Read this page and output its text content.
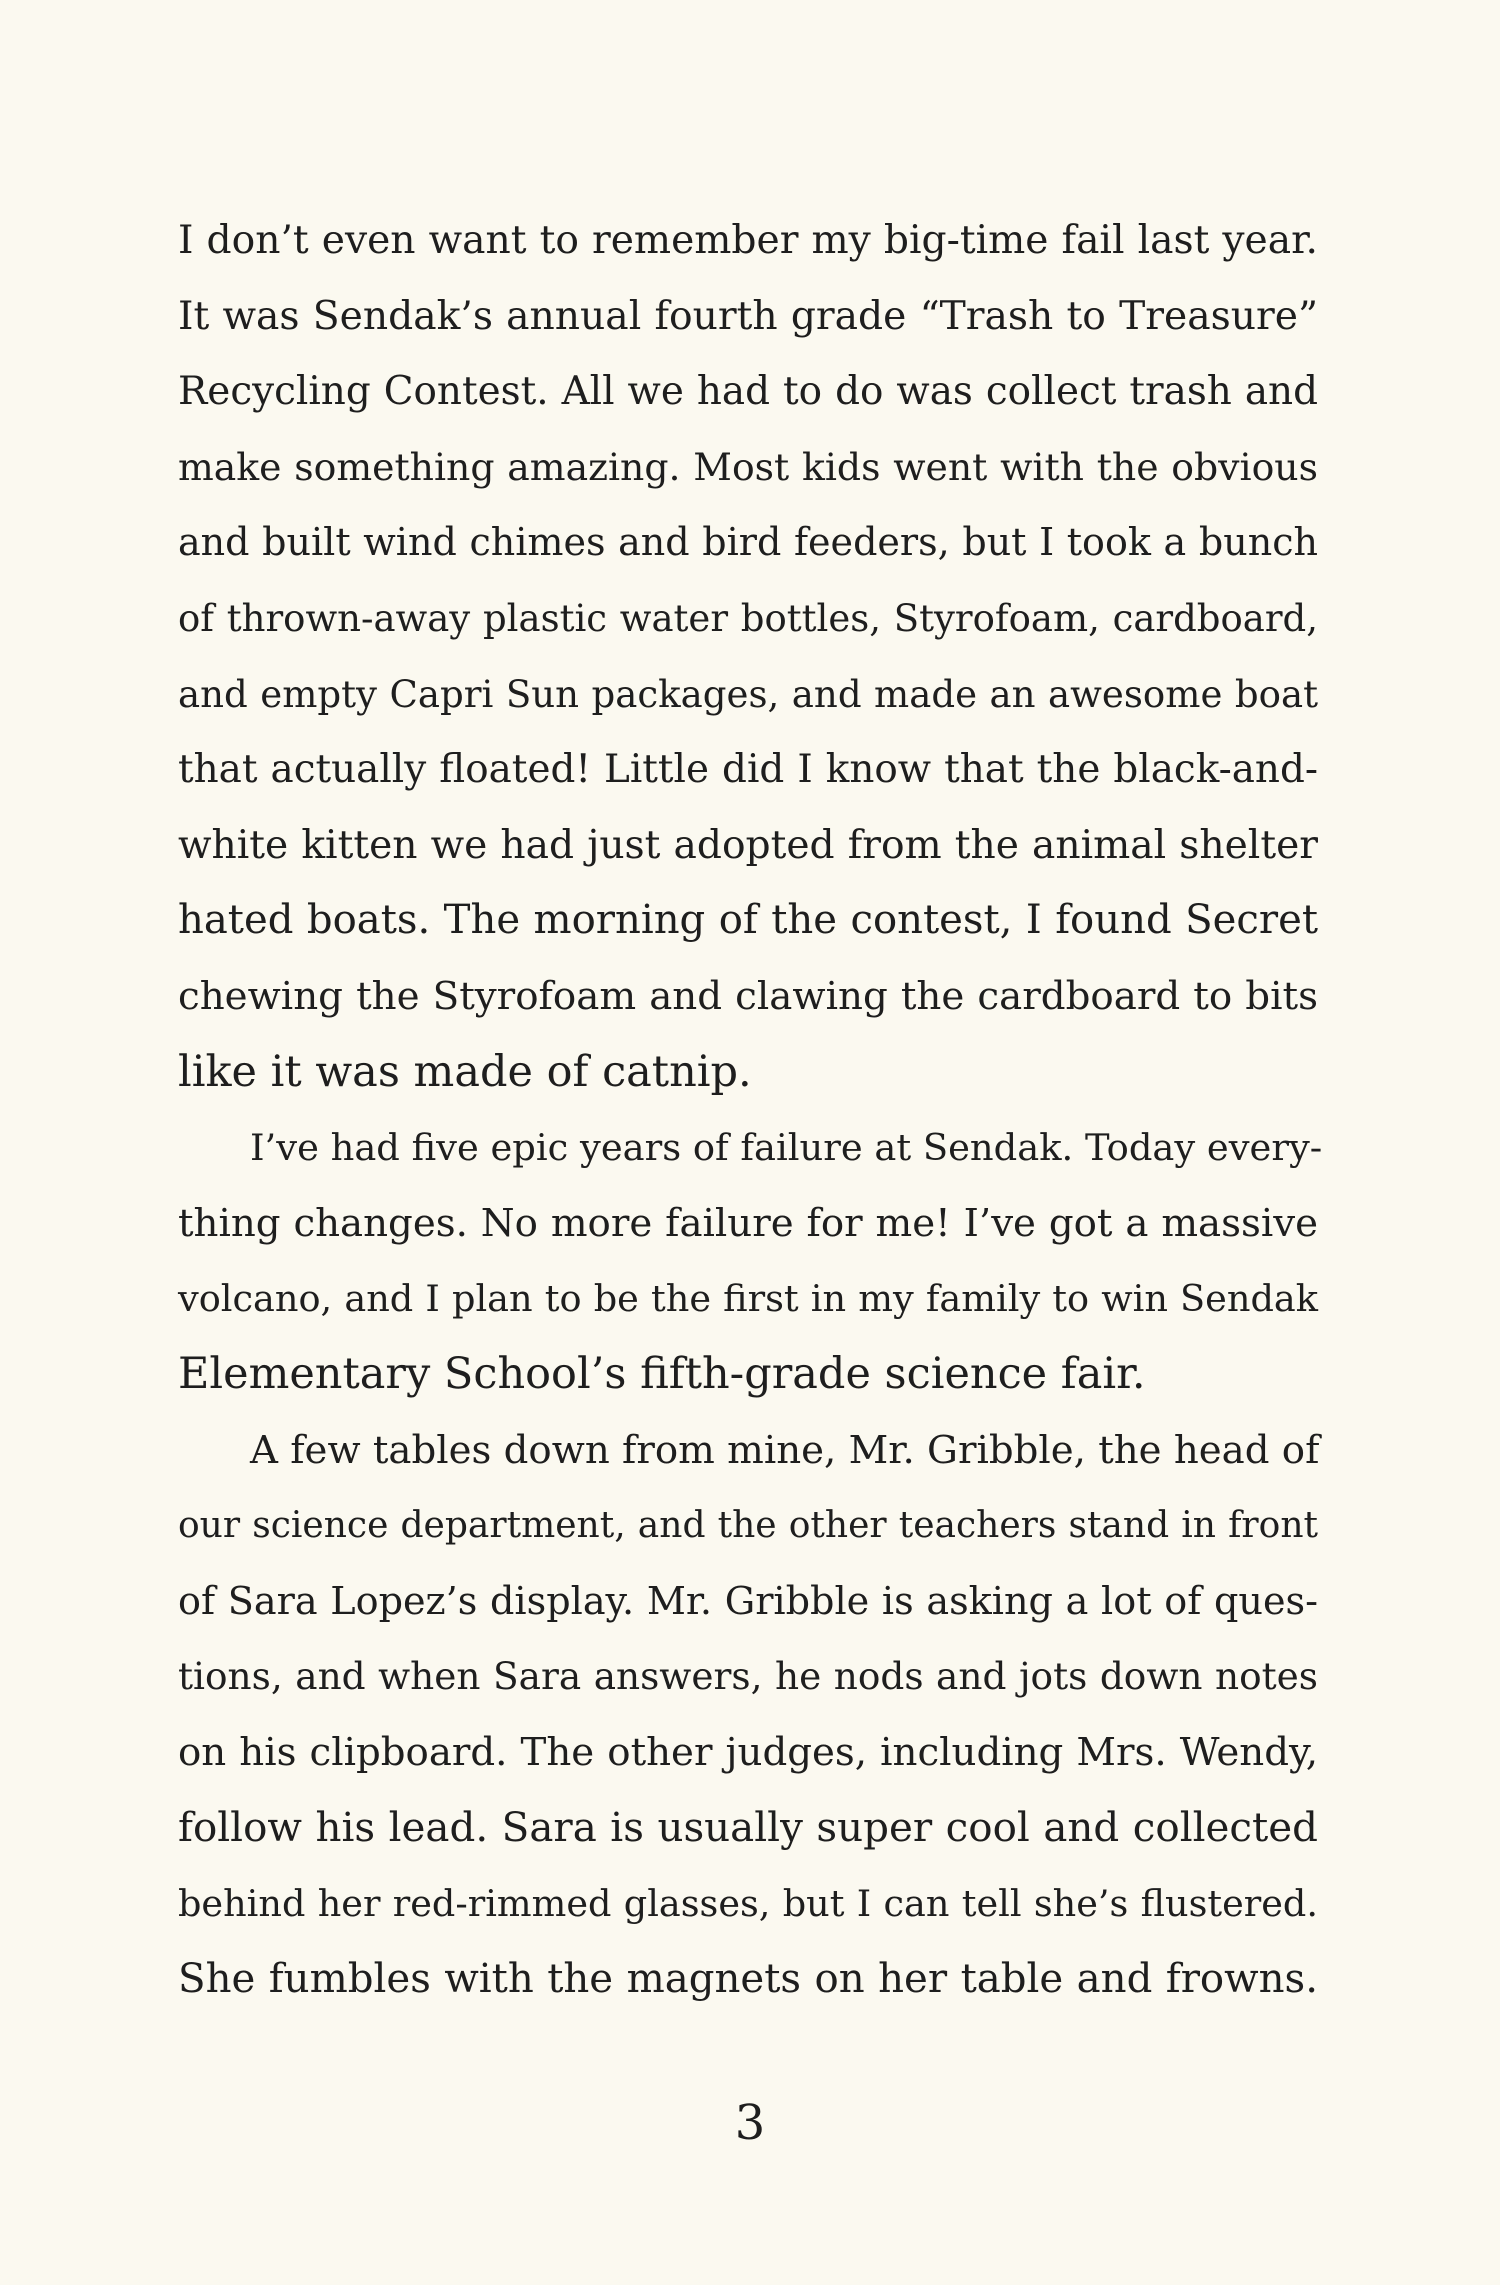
I don’t even want to remember my big-time fail last year.
It was Sendak’s annual fourth grade “Trash to Treasure”
Recycling Contest. All we had to do was collect trash and
make something amazing. Most kids went with the obvious
and built wind chimes and bird feeders, but I took a bunch
of thrown-away plastic water bottles, Styrofoam, cardboard,
and empty Capri Sun packages, and made an awesome boat
that actually floated! Little did I know that the black-and-
white kitten we had just adopted from the animal shelter
hated boats. The morning of the contest, I found Secret
chewing the Styrofoam and clawing the cardboard to bits
like it was made of catnip.
I’ve had five epic years of failure at Sendak. Today every-
thing changes. No more failure for me! I’ve got a massive
volcano, and I plan to be the first in my family to win Sendak
Elementary School’s fifth-grade science fair.
A few tables down from mine, Mr. Gribble, the head of
our science department, and the other teachers stand in front
of Sara Lopez’s display. Mr. Gribble is asking a lot of ques-
tions, and when Sara answers, he nods and jots down notes
on his clipboard. The other judges, including Mrs. Wendy,
follow his lead. Sara is usually super cool and collected
behind her red-rimmed glasses, but I can tell she’s flustered.
She fumbles with the magnets on her table and frowns.
3
